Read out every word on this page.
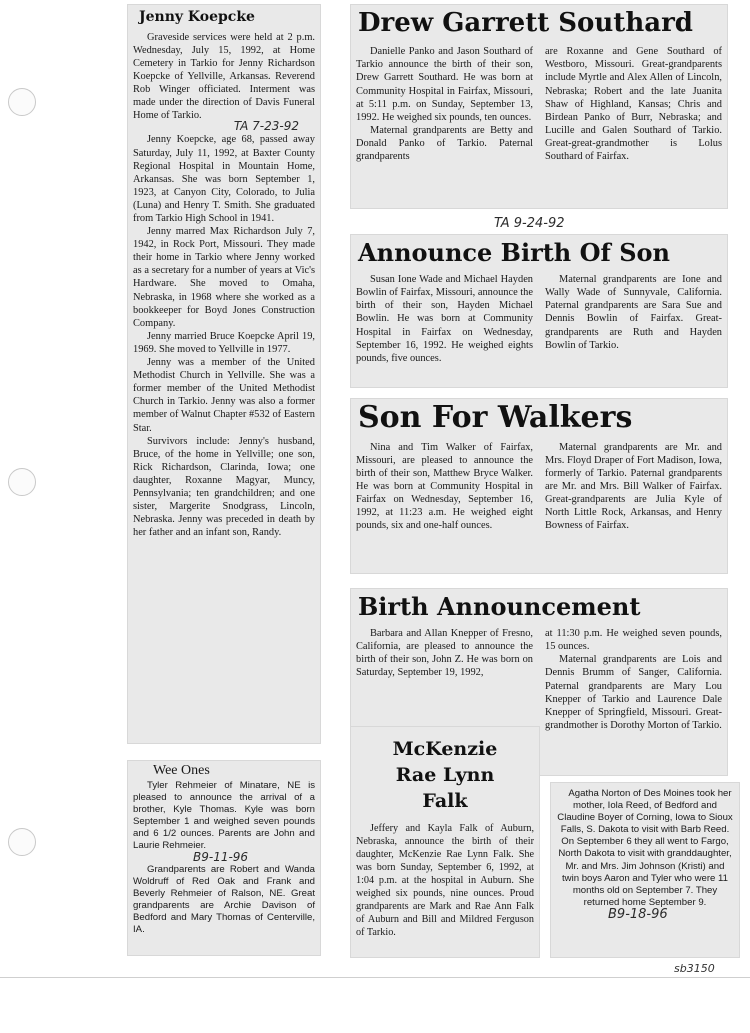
Jenny Koepcke

Graveside services were held at 2 p.m. Wednesday, July 15, 1992, at Home Cemetery in Tarkio for Jenny Richardson Koepcke of Yellville, Arkansas. Reverend Rob Winger officiated. Interment was made under the direction of Davis Funeral Home of Tarkio.

TA 7-23-92

Jenny Koepcke, age 68, passed away Saturday, July 11, 1992, at Baxter County Regional Hospital in Mountain Home, Arkansas. She was born September 1, 1923, at Canyon City, Colorado, to Julia (Luna) and Henry T. Smith. She graduated from Tarkio High School in 1941.

Jenny marred Max Richardson July 7, 1942, in Rock Port, Missouri. They made their home in Tarkio where Jenny worked as a secretary for a number of years at Vic's Hardware. She moved to Omaha, Nebraska, in 1968 where she worked as a bookkeeper for Boyd Jones Construction Company.

Jenny married Bruce Koepcke April 19, 1969. She moved to Yellville in 1977.

Jenny was a member of the United Methodist Church in Yellville. She was a former member of the United Methodist Church in Tarkio. Jenny was also a former member of Walnut Chapter #532 of Eastern Star.

Survivors include: Jenny's husband, Bruce, of the home in Yellville; one son, Rick Richardson, Clarinda, Iowa; one daughter, Roxanne Magyar, Muncy, Pennsylvania; ten grandchildren; and one sister, Margerite Snodgrass, Lincoln, Nebraska. Jenny was preceded in death by her father and an infant son, Randy.

Wee Ones

Tyler Rehmeier of Minatare, NE is pleased to announce the arrival of a brother, Kyle Thomas. Kyle was born September 1 and weighed seven pounds and 6 1/2 ounces. Parents are John and Laurie Rehmeier.

B9-11-96

Grandparents are Robert and Wanda Woldruff of Red Oak and Frank and Beverly Rehmeier of Ralson, NE. Great grandparents are Archie Davison of Bedford and Mary Thomas of Centerville, IA.

Drew Garrett Southard

Danielle Panko and Jason Southard of Tarkio announce the birth of their son, Drew Garrett Southard. He was born at Community Hospital in Fairfax, Missouri, at 5:11 p.m. on Sunday, September 13, 1992. He weighed six pounds, ten ounces.

Maternal grandparents are Betty and Donald Panko of Tarkio. Paternal grandparents

are Roxanne and Gene Southard of Westboro, Missouri. Great-grandparents include Myrtle and Alex Allen of Lincoln, Nebraska; Robert and the late Juanita Shaw of Highland, Kansas; Chris and Birdean Panko of Burr, Nebraska; and Lucille and Galen Southard of Tarkio. Great-great-grandmother is Lolus Southard of Fairfax.

TA 9-24-92
Announce Birth Of Son

Susan Ione Wade and Michael Hayden Bowlin of Fairfax, Missouri, announce the birth of their son, Hayden Michael Bowlin. He was born at Community Hospital in Fairfax on Wednesday, September 16, 1992. He weighed eights pounds, five ounces.

Maternal grandparents are Ione and Wally Wade of Sunnyvale, California. Paternal grandparents are Sara Sue and Dennis Bowlin of Fairfax. Great-grandparents are Ruth and Hayden Bowlin of Tarkio.

Son For Walkers

Nina and Tim Walker of Fairfax, Missouri, are pleased to announce the birth of their son, Matthew Bryce Walker. He was born at Community Hospital in Fairfax on Wednesday, September 16, 1992, at 11:23 a.m. He weighed eight pounds, six and one-half ounces.

Maternal grandparents are Mr. and Mrs. Floyd Draper of Fort Madison, Iowa, formerly of Tarkio. Paternal grandparents are Mr. and Mrs. Bill Walker of Fairfax. Great-grandparents are Julia Kyle of North Little Rock, Arkansas, and Henry Bowness of Fairfax.

Birth Announcement

Barbara and Allan Knepper of Fresno, California, are pleased to announce the birth of their son, John Z. He was born on Saturday, September 19, 1992,

at 11:30 p.m. He weighed seven pounds, 15 ounces.

Maternal grandparents are Lois and Dennis Brumm of Sanger, California. Paternal grandparents are Mary Lou Knepper of Tarkio and Laurence Dale Knepper of Springfield, Missouri. Great-grandmother is Dorothy Morton of Tarkio.

McKenzie Rae Lynn Falk

Jeffery and Kayla Falk of Auburn, Nebraska, announce the birth of their daughter, McKenzie Rae Lynn Falk. She was born Sunday, September 6, 1992, at 1:04 p.m. at the hospital in Auburn. She weighed six pounds, nine ounces. Proud grandparents are Mark and Rae Ann Falk of Auburn and Bill and Mildred Ferguson of Tarkio.

Agatha Norton of Des Moines took her mother, Iola Reed, of Bedford and Claudine Boyer of Corning, Iowa to Sioux Falls, S. Dakota to visit with Barb Reed. On September 6 they all went to Fargo, North Dakota to visit with granddaughter, Mr. and Mrs. Jim Johnson (Kristi) and twin boys Aaron and Tyler who were 11 months old on September 7. They returned home September 9.

B9-18-96
sb3150
